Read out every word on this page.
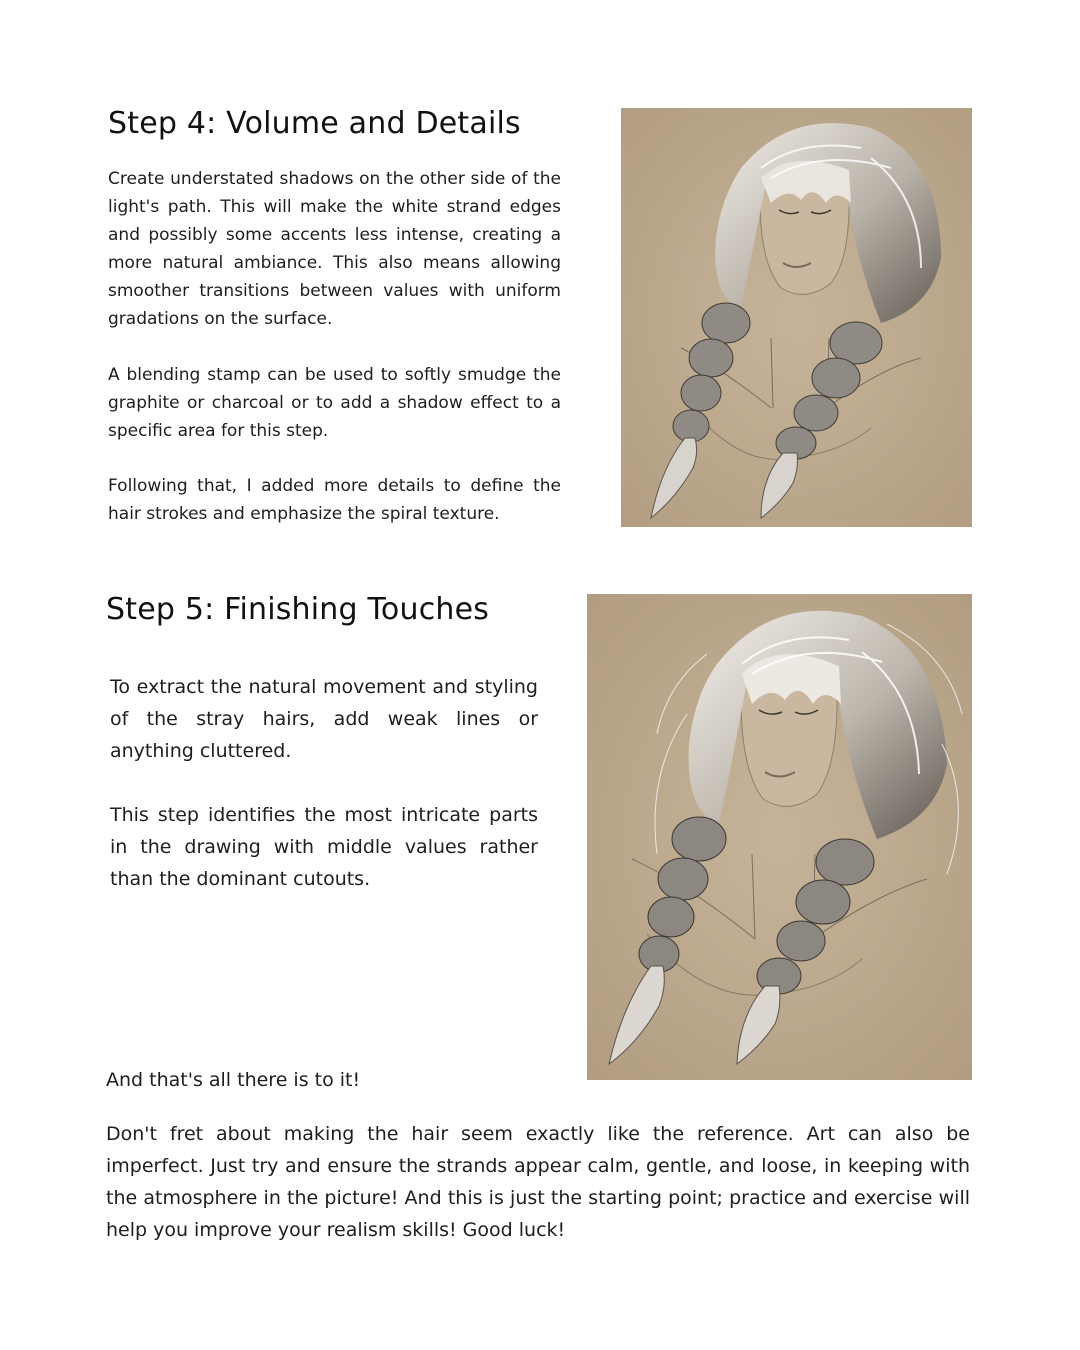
Step 4: Volume and Details

Create understated shadows on the other side of the light's path. This will make the white strand edges and possibly some accents less intense, creating a more natural ambiance. This also means allowing smoother transitions between values with uniform gradations on the surface.

A blending stamp can be used to softly smudge the graphite or charcoal or to add a shadow effect to a specific area for this step.

Following that, I added more details to define the hair strokes and emphasize the spiral texture.

Step 5: Finishing Touches

To extract the natural movement and styling of the stray hairs, add weak lines or anything cluttered.

This step identifies the most intricate parts in the drawing with middle values rather than the dominant cutouts.

And that's all there is to it!

Don't fret about making the hair seem exactly like the reference. Art can also be imperfect. Just try and ensure the strands appear calm, gentle, and loose, in keeping with the atmosphere in the picture! And this is just the starting point; practice and exercise will help you improve your realism skills! Good luck!
